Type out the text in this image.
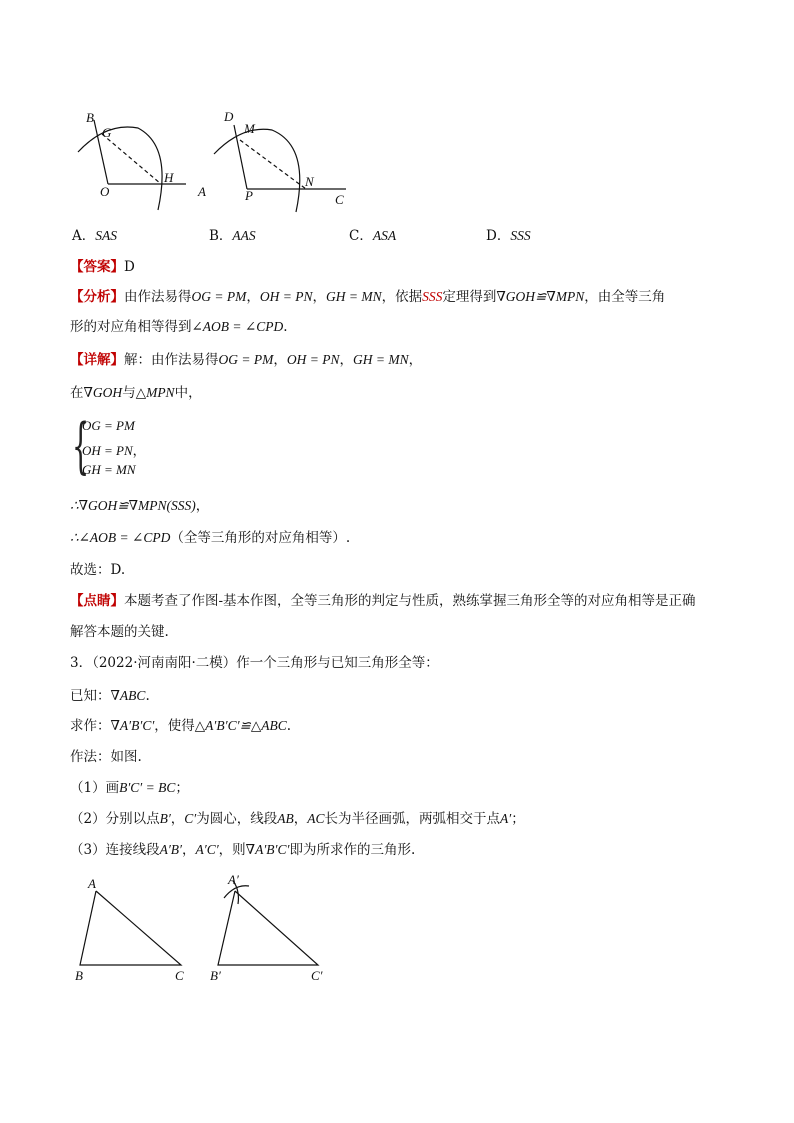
B
G
O
H
A
D
M
P
N
C
A．SAS	B．AAS	C．ASA	D．SSS
【答案】D
【分析】由作法易得OG = PM，OH = PN，GH = MN，依据SSS定理得到∇GOH≌∇MPN，由全等三角
形的对应角相等得到∠AOB = ∠CPD.
【详解】解：由作法易得OG = PM，OH = PN，GH = MN，
在∇GOH与△MPN中，
{
OG = PM
OH = PN，
GH = MN
∴∇GOH≌∇MPN(SSS)，
∴∠AOB = ∠CPD（全等三角形的对应角相等）.
故选：D.
【点睛】本题考查了作图-基本作图，全等三角形的判定与性质，熟练掌握三角形全等的对应角相等是正确
解答本题的关键.
3．（2022·河南南阳·二模）作一个三角形与已知三角形全等：
已知：∇ABC.
求作：∇A′B′C′，使得△A′B′C′≌△ABC.
作法：如图.
（1）画B′C′ = BC；
（2）分别以点B′，C′为圆心，线段AB，AC长为半径画弧，两弧相交于点A′；
（3）连接线段A′B′，A′C′，则∇A′B′C′即为所求作的三角形.
A
B	C
A′
B′	C′
